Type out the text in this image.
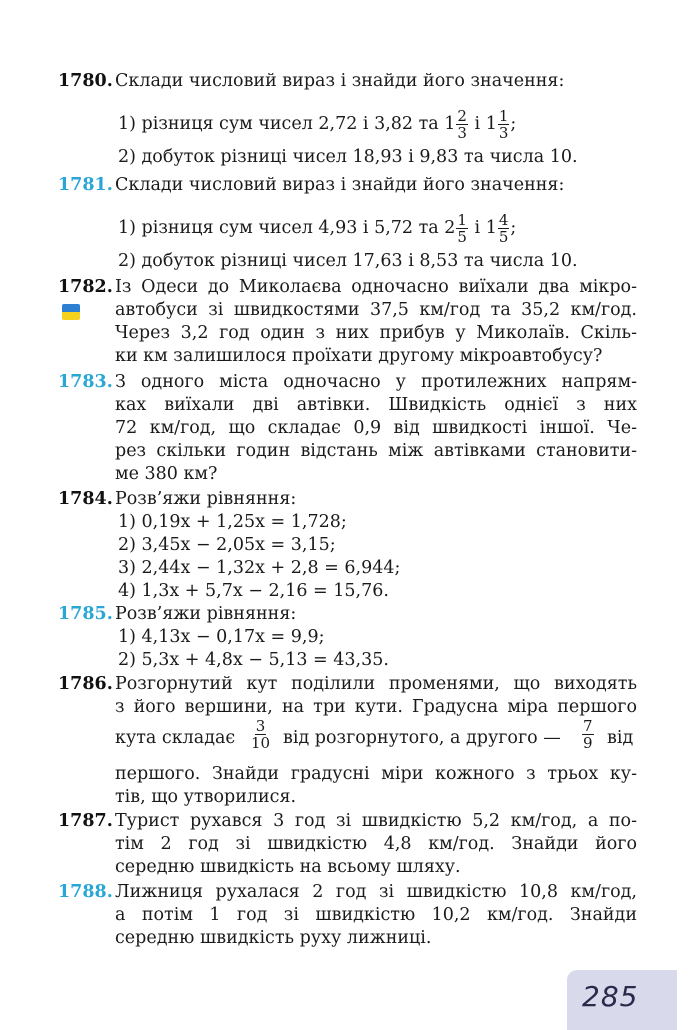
1780. Склади числовий вираз і знайди його значення:
1) різниця сум чисел 2,72 і 3,82 та $1 \frac{2}{3}$ і $1 \frac{1}{3}$ ;
2) добуток різниці чисел 18,93 і 9,83 та числа 10.
1781. Склади числовий вираз і знайди його значення:
1) різниця сум чисел 4,93 і 5,72 та $2 \frac{1}{5}$ і $1 \frac{4}{5}$ ;
2) добуток різниці чисел 17,63 і 8,53 та числа 10.
1782. Із Одеси до Миколаєва одночасно виїхали два мікро-
автобуси зі швидкостями 37,5 км/год та 35,2 км/год.
Через 3,2 год один з них прибув у Миколаїв. Скіль-
ки км залишилося проїхати другому мікроавтобусу?
1783. З одного міста одночасно у протилежних напрям-
ках виїхали дві автівки. Швидкість однієї з них
72 км/год, що складає 0,9 від швидкості іншої. Че-
рез скільки годин відстань між автівками становити-
ме 380 км?
1784. Розв’яжи рівняння:
1) 0,19x + 1,25x = 1,728;
2) 3,45x − 2,05x = 3,15;
3) 2,44x − 1,32x + 2,8 = 6,944;
4) 1,3x + 5,7x − 2,16 = 15,76.
1785. Розв’яжи рівняння:
1) 4,13x − 0,17x = 9,9;
2) 5,3x + 4,8x − 5,13 = 43,35.
1786. Розгорнутий кут поділили променями, що виходять
з його вершини, на три кути. Градусна міра першого
кута складає $\frac{3}{10}$ від розгорнутого, а другого — $\frac{7}{9}$ від
першого. Знайди градусні міри кожного з трьох ку-
тів, що утворилися.
1787. Турист рухався 3 год зі швидкістю 5,2 км/год, а по-
тім 2 год зі швидкістю 4,8 км/год. Знайди його
середню швидкість на всьому шляху.
1788. Лижниця рухалася 2 год зі швидкістю 10,8 км/год,
а потім 1 год зі швидкістю 10,2 км/год. Знайди
середню швидкість руху лижниці.
285
